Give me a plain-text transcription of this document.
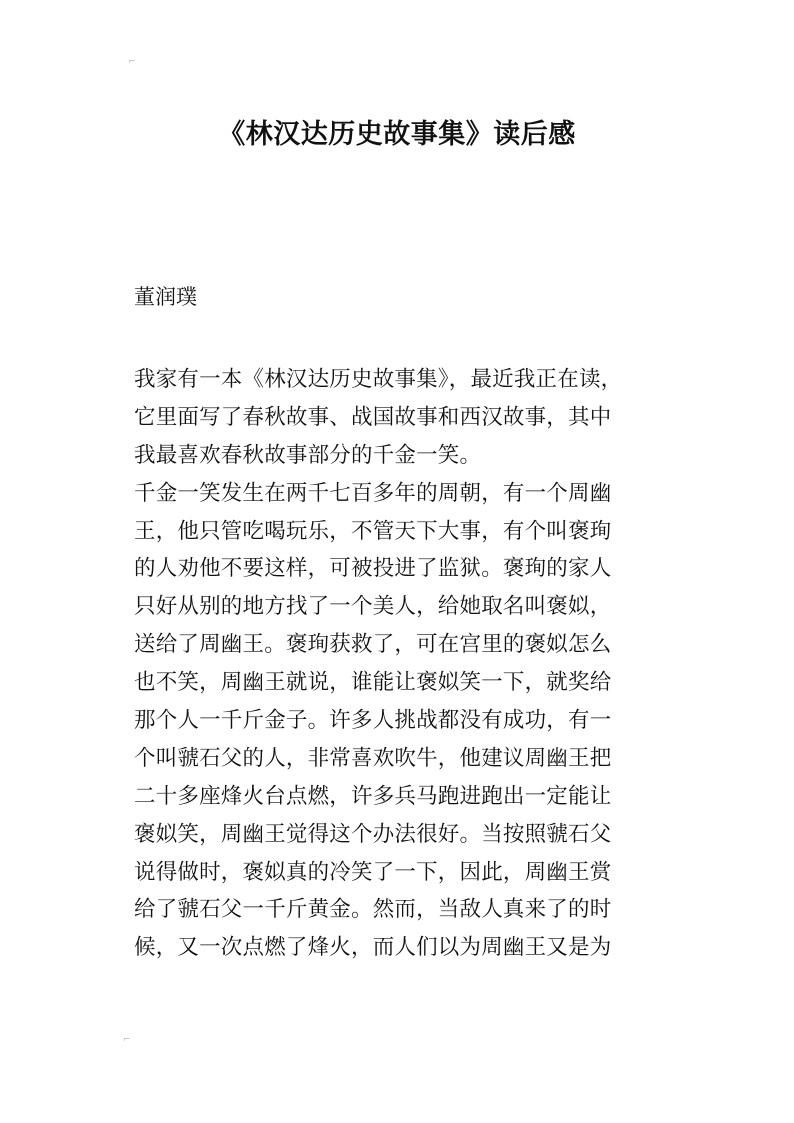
⌐
《林汉达历史故事集》读后感
董润璞
我家有一本《林汉达历史故事集》，最近我正在读，
它里面写了春秋故事、战国故事和西汉故事，其中
我最喜欢春秋故事部分的千金一笑。
千金一笑发生在两千七百多年的周朝，有一个周幽
王，他只管吃喝玩乐，不管天下大事，有个叫褒珣
的人劝他不要这样，可被投进了监狱。褒珣的家人
只好从别的地方找了一个美人，给她取名叫褒姒，
送给了周幽王。褒珣获救了，可在宫里的褒姒怎么
也不笑，周幽王就说，谁能让褒姒笑一下，就奖给
那个人一千斤金子。许多人挑战都没有成功，有一
个叫虢石父的人，非常喜欢吹牛，他建议周幽王把
二十多座烽火台点燃，许多兵马跑进跑出一定能让
褒姒笑，周幽王觉得这个办法很好。当按照虢石父
说得做时，褒姒真的冷笑了一下，因此，周幽王赏
给了虢石父一千斤黄金。然而，当敌人真来了的时
候，又一次点燃了烽火，而人们以为周幽王又是为
⌐
